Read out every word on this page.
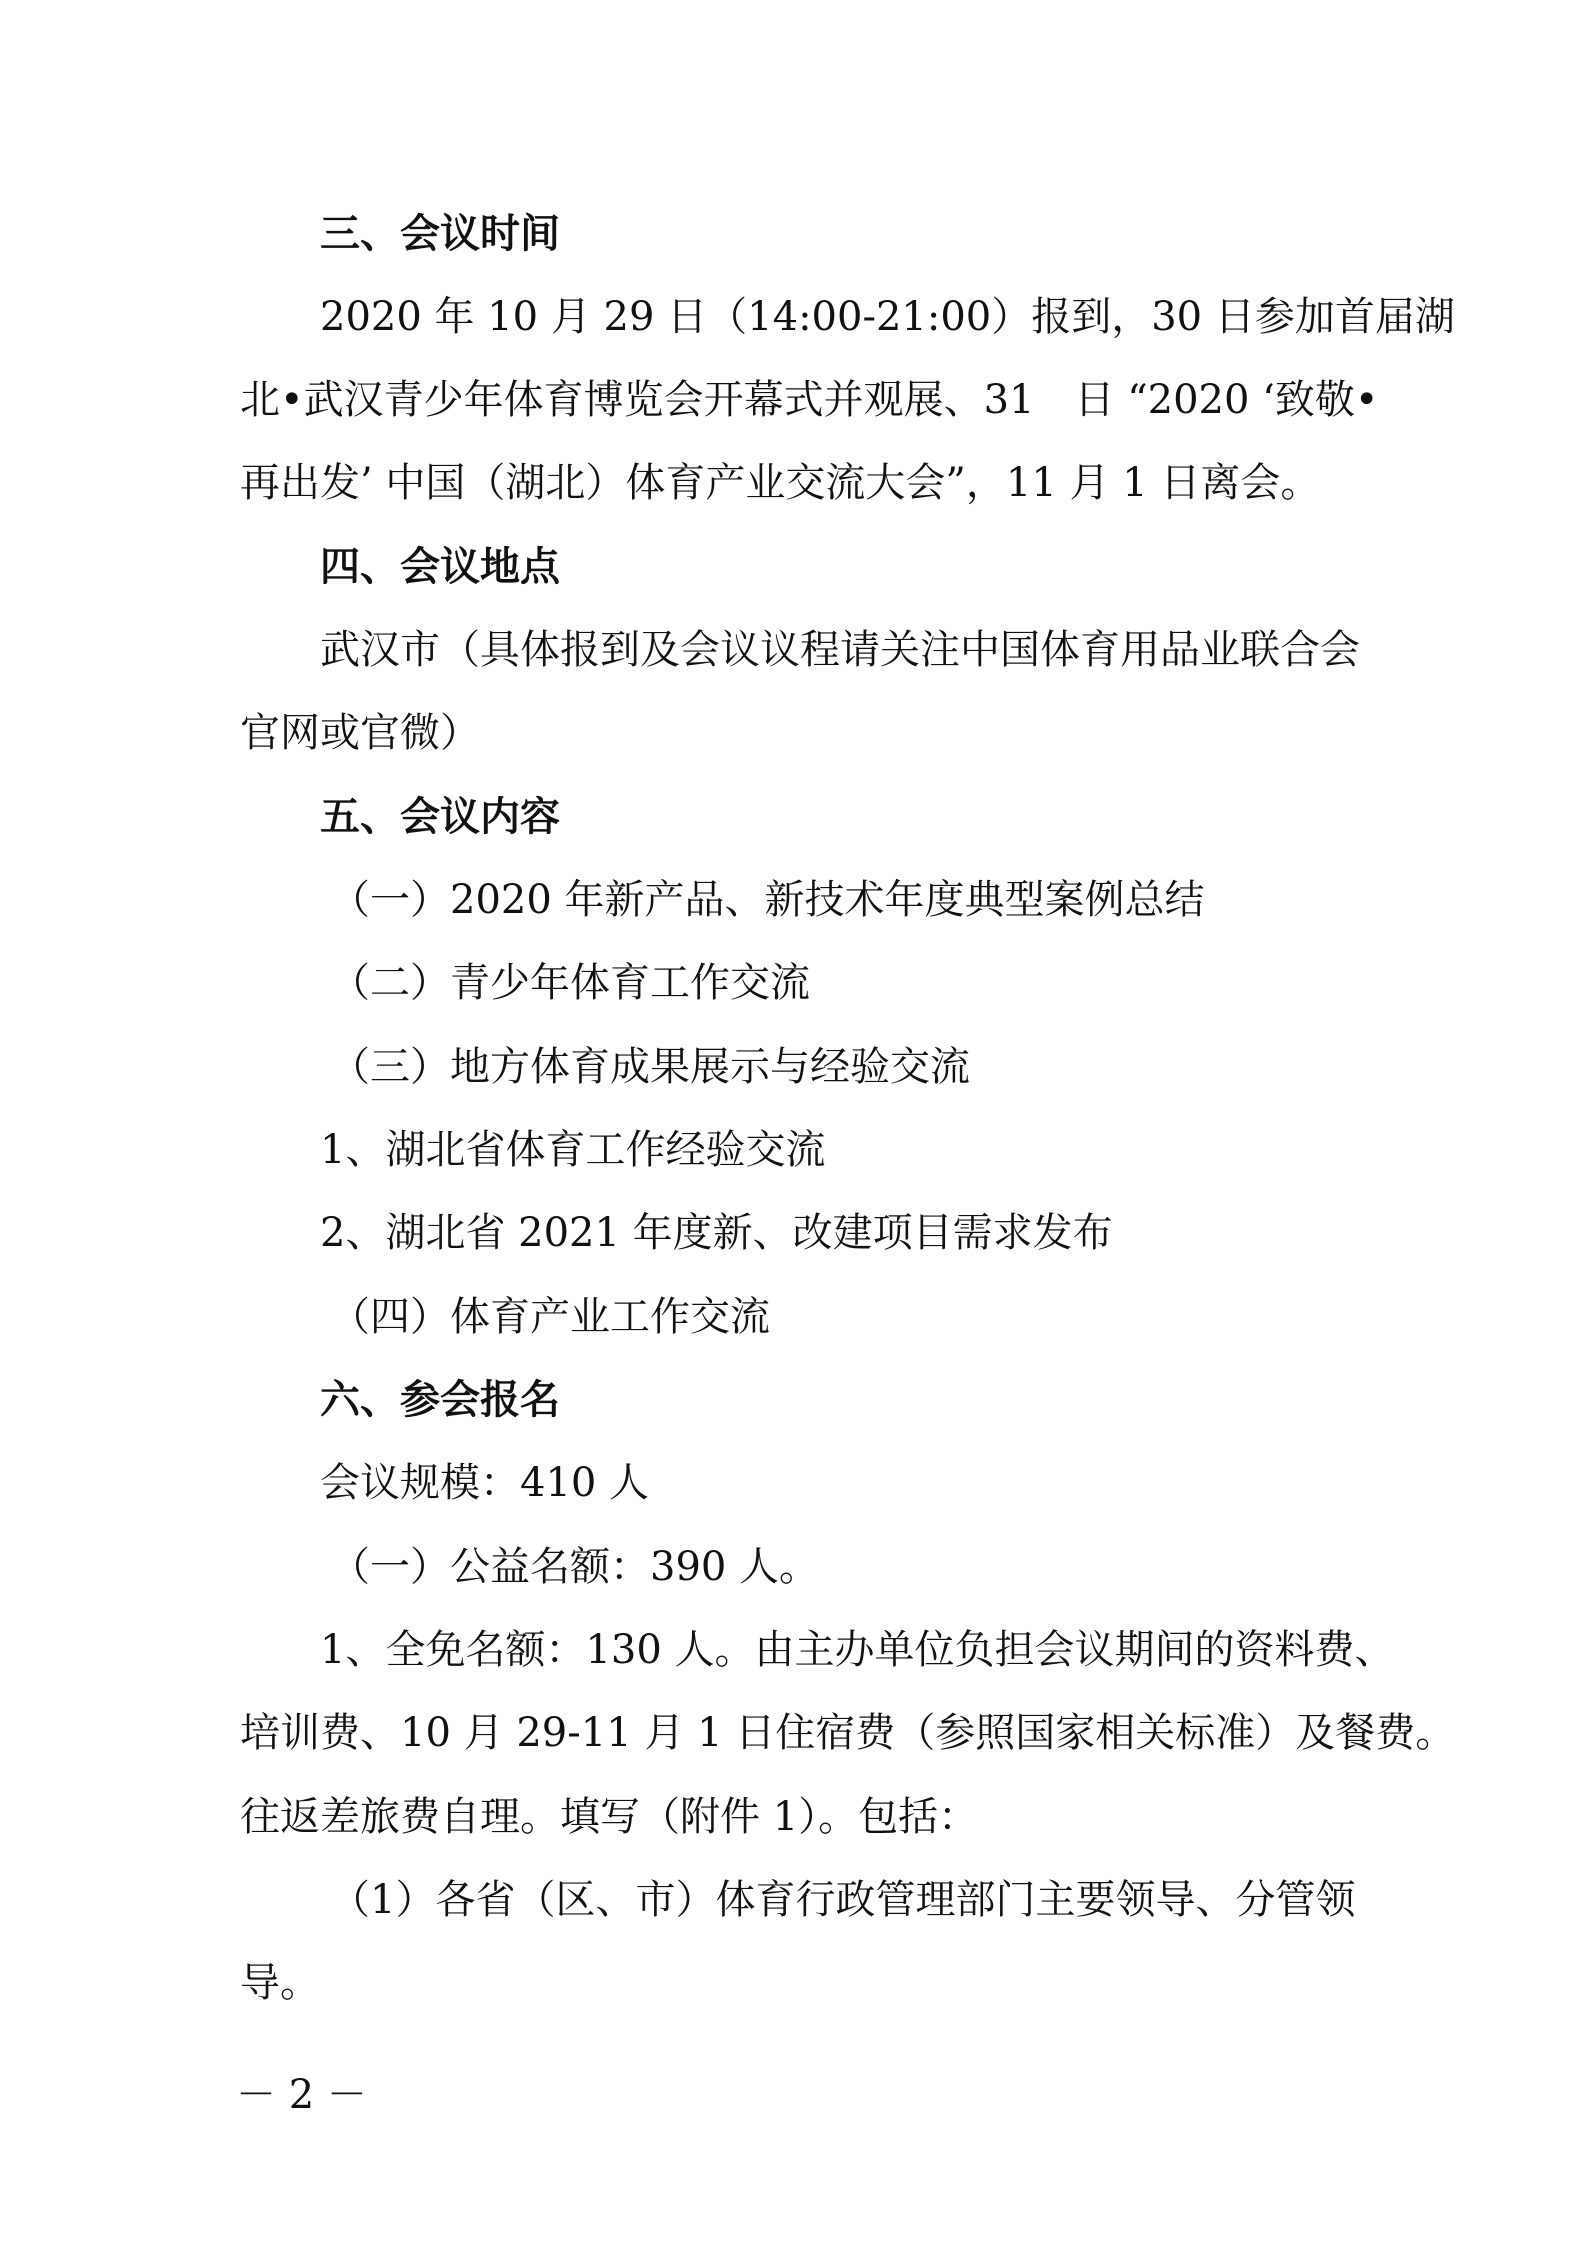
三、会议时间

2020 年 10 月 29 日（14:00-21:00）报到，30 日参加首届湖

北•武汉青少年体育博览会开幕式并观展、31　日 “2020 ‘致敬•

再出发’ 中国（湖北）体育产业交流大会”，11 月 1 日离会。

四、会议地点

武汉市（具体报到及会议议程请关注中国体育用品业联合会

官网或官微）

五、会议内容

（一）2020 年新产品、新技术年度典型案例总结

（二）青少年体育工作交流

（三）地方体育成果展示与经验交流

1、湖北省体育工作经验交流

2、湖北省 2021 年度新、改建项目需求发布

（四）体育产业工作交流

六、参会报名

会议规模：410 人

（一）公益名额：390 人。

1、全免名额：130 人。由主办单位负担会议期间的资料费、

培训费、10 月 29-11 月 1 日住宿费（参照国家相关标准）及餐费。

往返差旅费自理。填写（附件 1）。包括：

（1）各省（区、市）体育行政管理部门主要领导、分管领

导。

－ 2 －
